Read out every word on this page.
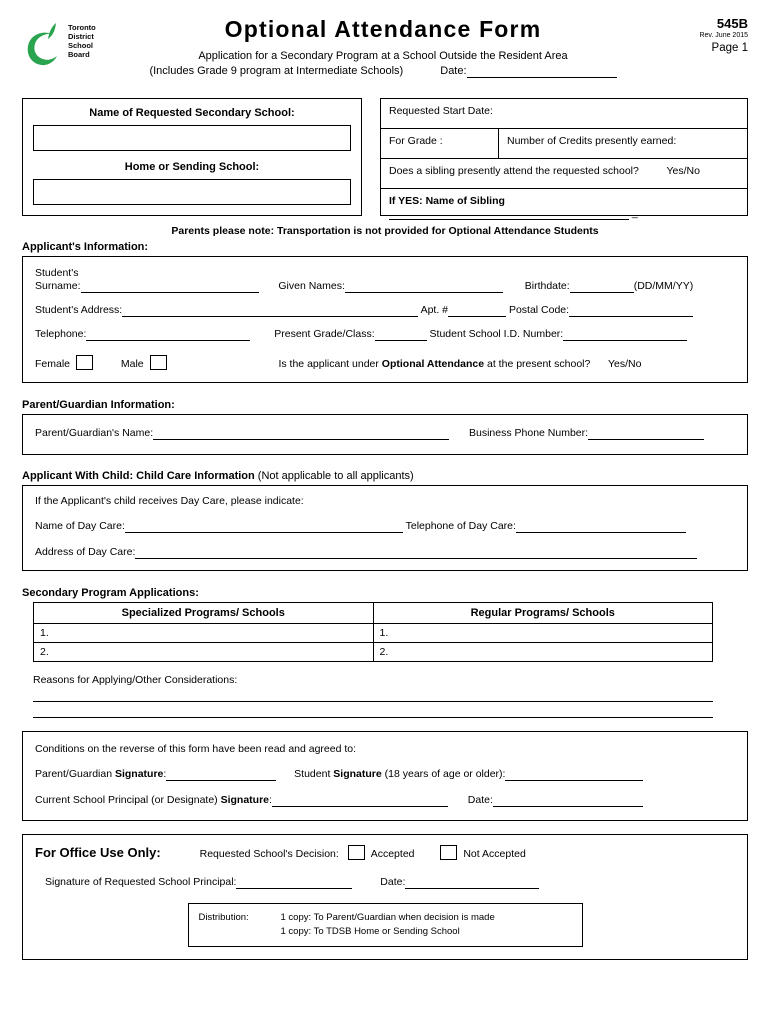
Toronto
District
School
Board
Optional Attendance Form
Application for a Secondary Program at a School Outside the Resident Area
(Includes Grade 9 program at Intermediate Schools)	Date:
545B
Rev. June 2015
Page 1
Name of Requested Secondary School:
Home or Sending School:
Requested Start Date:
For Grade :	Number of Credits presently earned:
Does a sibling presently attend the requested school?	Yes/No
If YES: Name of Sibling   _
Parents please note: Transportation is not provided for Optional Attendance Students
Applicant's Information:
Student's
Surname:	Given Names:	Birthdate:	(DD/MM/YY)
Student's Address:	Apt. #	Postal Code:
Telephone:	Present Grade/Class:	Student School I.D. Number:
Female	Male	Is the applicant under Optional Attendance at the present school? Yes/No
Parent/Guardian Information:
Parent/Guardian's Name:	Business Phone Number:
Applicant With Child: Child Care Information (Not applicable to all applicants)
If the Applicant's child receives Day Care, please indicate:
Name of Day Care:	Telephone of Day Care:
Address of Day Care:
Secondary Program Applications:
Specialized Programs/ Schools	Regular Programs/ Schools
1.	1.
2.	2.
Reasons for Applying/Other Considerations:
Conditions on the reverse of this form have been read and agreed to:
Parent/Guardian Signature:	Student Signature (18 years of age or older):
Current School Principal (or Designate) Signature:	Date:
For Office Use Only:	Requested School's Decision:	Accepted	Not Accepted
Signature of Requested School Principal:	Date:
Distribution:	1 copy: To Parent/Guardian when decision is made
1 copy: To TDSB Home or Sending School
